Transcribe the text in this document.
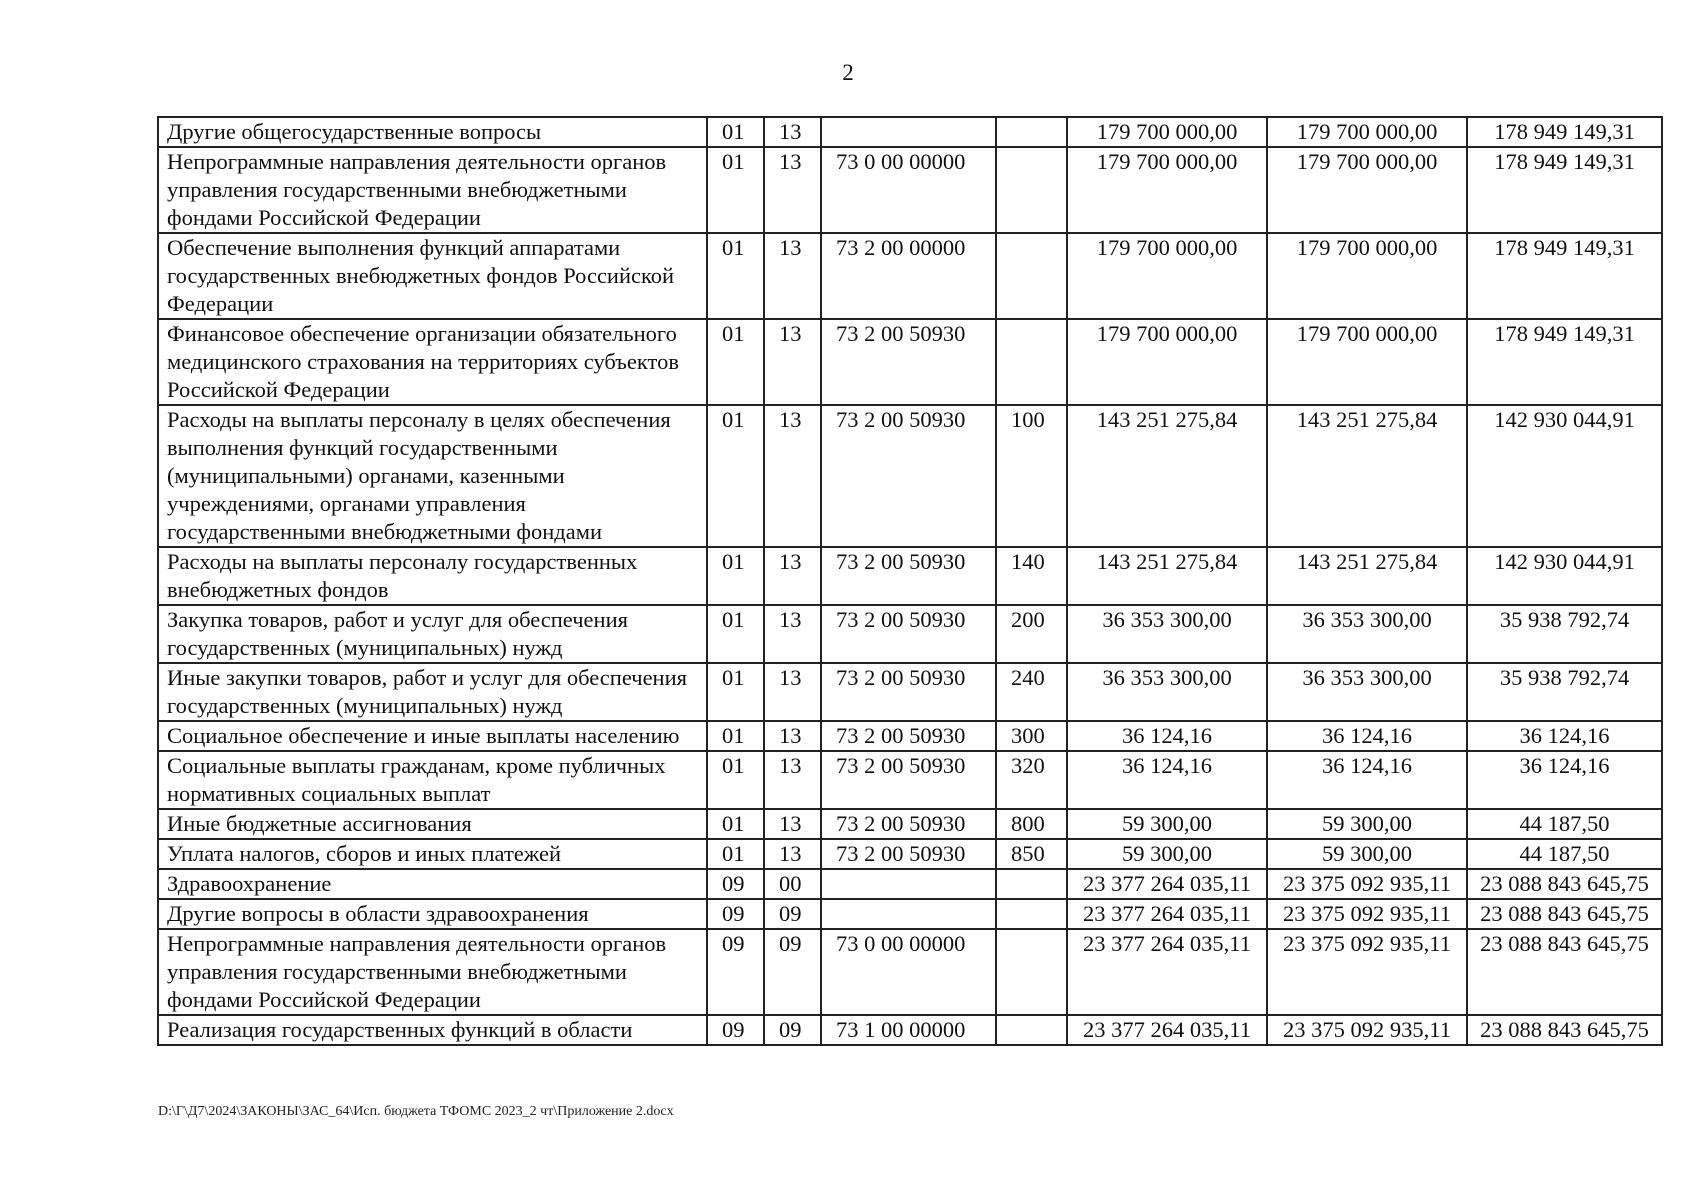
2
Другие общегосударственные вопросы	01	13			179 700 000,00	179 700 000,00	178 949 149,31
Непрограммные направления деятельности органов управления государственными внебюджетными фондами Российской Федерации	01	13	73 0 00 00000		179 700 000,00	179 700 000,00	178 949 149,31
Обеспечение выполнения функций аппаратами государственных внебюджетных фондов Российской Федерации	01	13	73 2 00 00000		179 700 000,00	179 700 000,00	178 949 149,31
Финансовое обеспечение организации обязательного медицинского страхования на территориях субъектов Российской Федерации	01	13	73 2 00 50930		179 700 000,00	179 700 000,00	178 949 149,31
Расходы на выплаты персоналу в целях обеспечения выполнения функций государственными (муниципальными) органами, казенными учреждениями, органами управления государственными внебюджетными фондами	01	13	73 2 00 50930	100	143 251 275,84	143 251 275,84	142 930 044,91
Расходы на выплаты персоналу государственных внебюджетных фондов	01	13	73 2 00 50930	140	143 251 275,84	143 251 275,84	142 930 044,91
Закупка товаров, работ и услуг для обеспечения государственных (муниципальных) нужд	01	13	73 2 00 50930	200	36 353 300,00	36 353 300,00	35 938 792,74
Иные закупки товаров, работ и услуг для обеспечения государственных (муниципальных) нужд	01	13	73 2 00 50930	240	36 353 300,00	36 353 300,00	35 938 792,74
Социальное обеспечение и иные выплаты населению	01	13	73 2 00 50930	300	36 124,16	36 124,16	36 124,16
Социальные выплаты гражданам, кроме публичных нормативных социальных выплат	01	13	73 2 00 50930	320	36 124,16	36 124,16	36 124,16
Иные бюджетные ассигнования	01	13	73 2 00 50930	800	59 300,00	59 300,00	44 187,50
Уплата налогов, сборов и иных платежей	01	13	73 2 00 50930	850	59 300,00	59 300,00	44 187,50
Здравоохранение	09	00			23 377 264 035,11	23 375 092 935,11	23 088 843 645,75
Другие вопросы в области здравоохранения	09	09			23 377 264 035,11	23 375 092 935,11	23 088 843 645,75
Непрограммные направления деятельности органов управления государственными внебюджетными фондами Российской Федерации	09	09	73 0 00 00000		23 377 264 035,11	23 375 092 935,11	23 088 843 645,75
Реализация государственных функций в области	09	09	73 1 00 00000		23 377 264 035,11	23 375 092 935,11	23 088 843 645,75
D:\Г\Д7\2024\ЗАКОНЫ\ЗАС_64\Исп. бюджета ТФОМС 2023_2 чт\Приложение 2.docx
